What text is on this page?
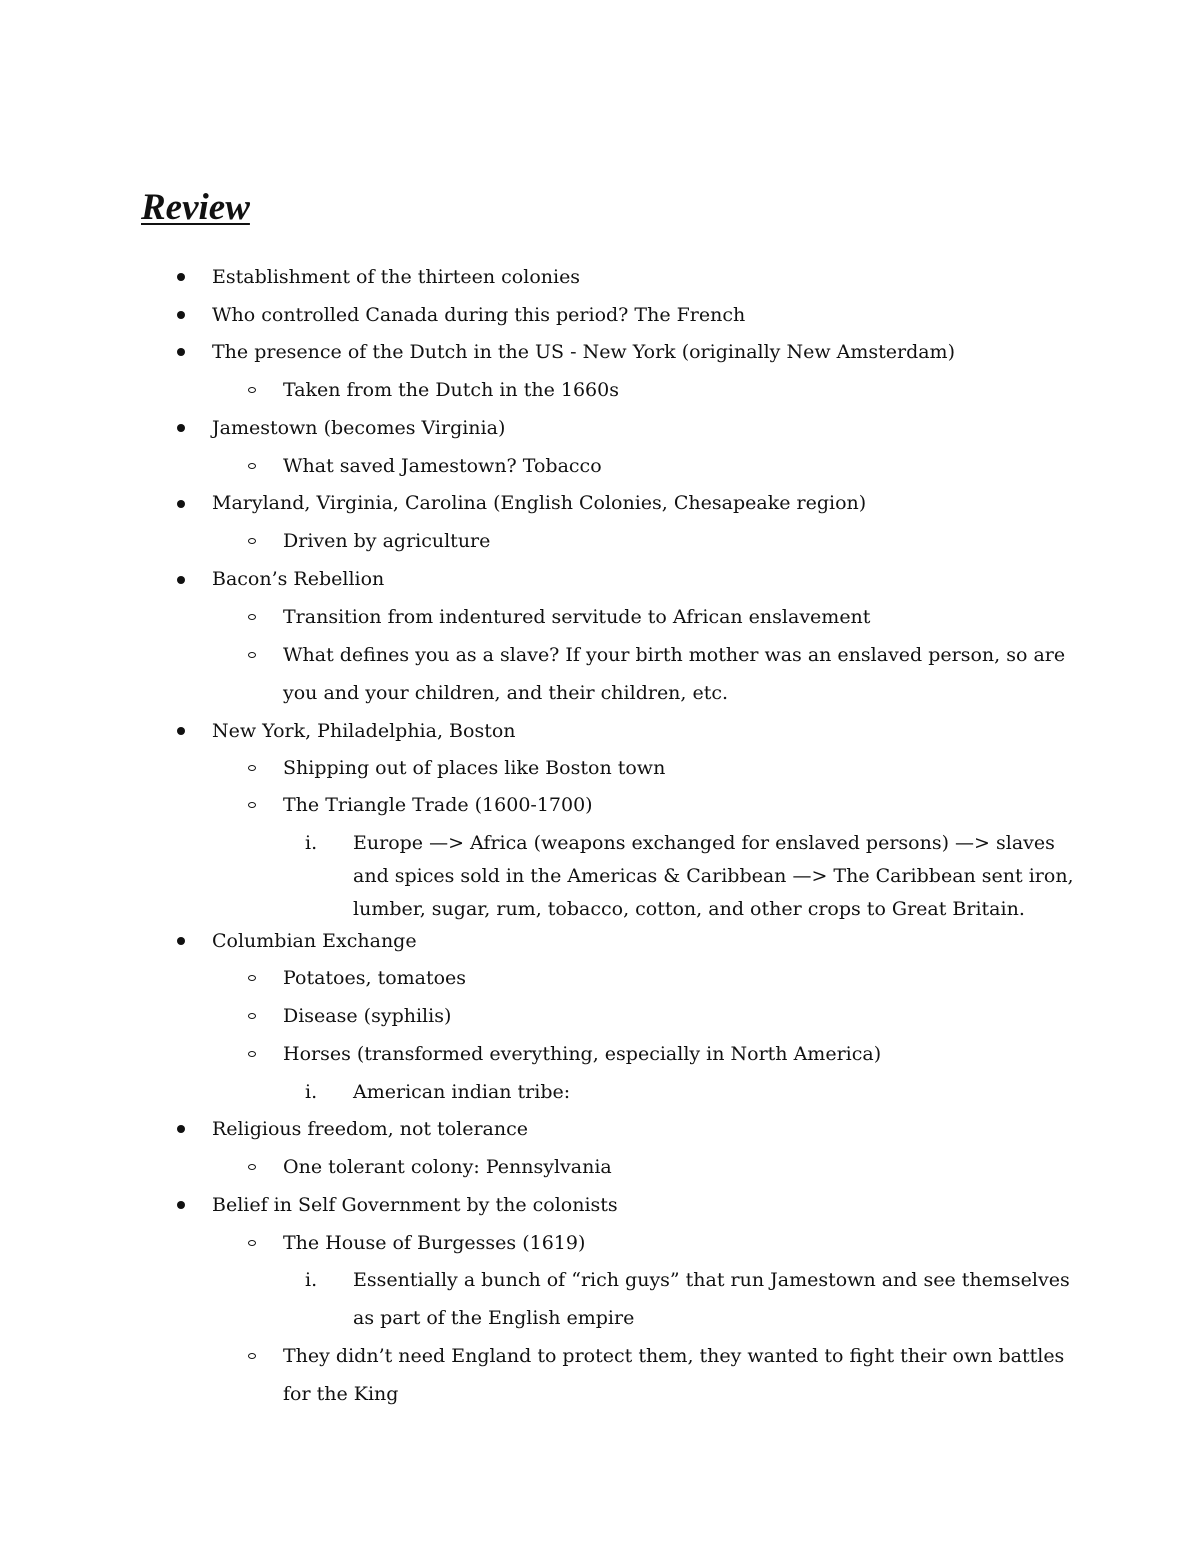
Review
Establishment of the thirteen colonies
Who controlled Canada during this period? The French
The presence of the Dutch in the US - New York (originally New Amsterdam)
Taken from the Dutch in the 1660s
Jamestown (becomes Virginia)
What saved Jamestown? Tobacco
Maryland, Virginia, Carolina (English Colonies, Chesapeake region)
Driven by agriculture
Bacon’s Rebellion
Transition from indentured servitude to African enslavement
What defines you as a slave? If your birth mother was an enslaved person, so are
you and your children, and their children, etc.
New York, Philadelphia, Boston
Shipping out of places like Boston town
The Triangle Trade (1600-1700)
i. Europe —> Africa (weapons exchanged for enslaved persons) —> slaves
and spices sold in the Americas & Caribbean —> The Caribbean sent iron,
lumber, sugar, rum, tobacco, cotton, and other crops to Great Britain.
Columbian Exchange
Potatoes, tomatoes
Disease (syphilis)
Horses (transformed everything, especially in North America)
i. American indian tribe:
Religious freedom, not tolerance
One tolerant colony: Pennsylvania
Belief in Self Government by the colonists
The House of Burgesses (1619)
i. Essentially a bunch of “rich guys” that run Jamestown and see themselves
as part of the English empire
They didn’t need England to protect them, they wanted to fight their own battles
for the King
